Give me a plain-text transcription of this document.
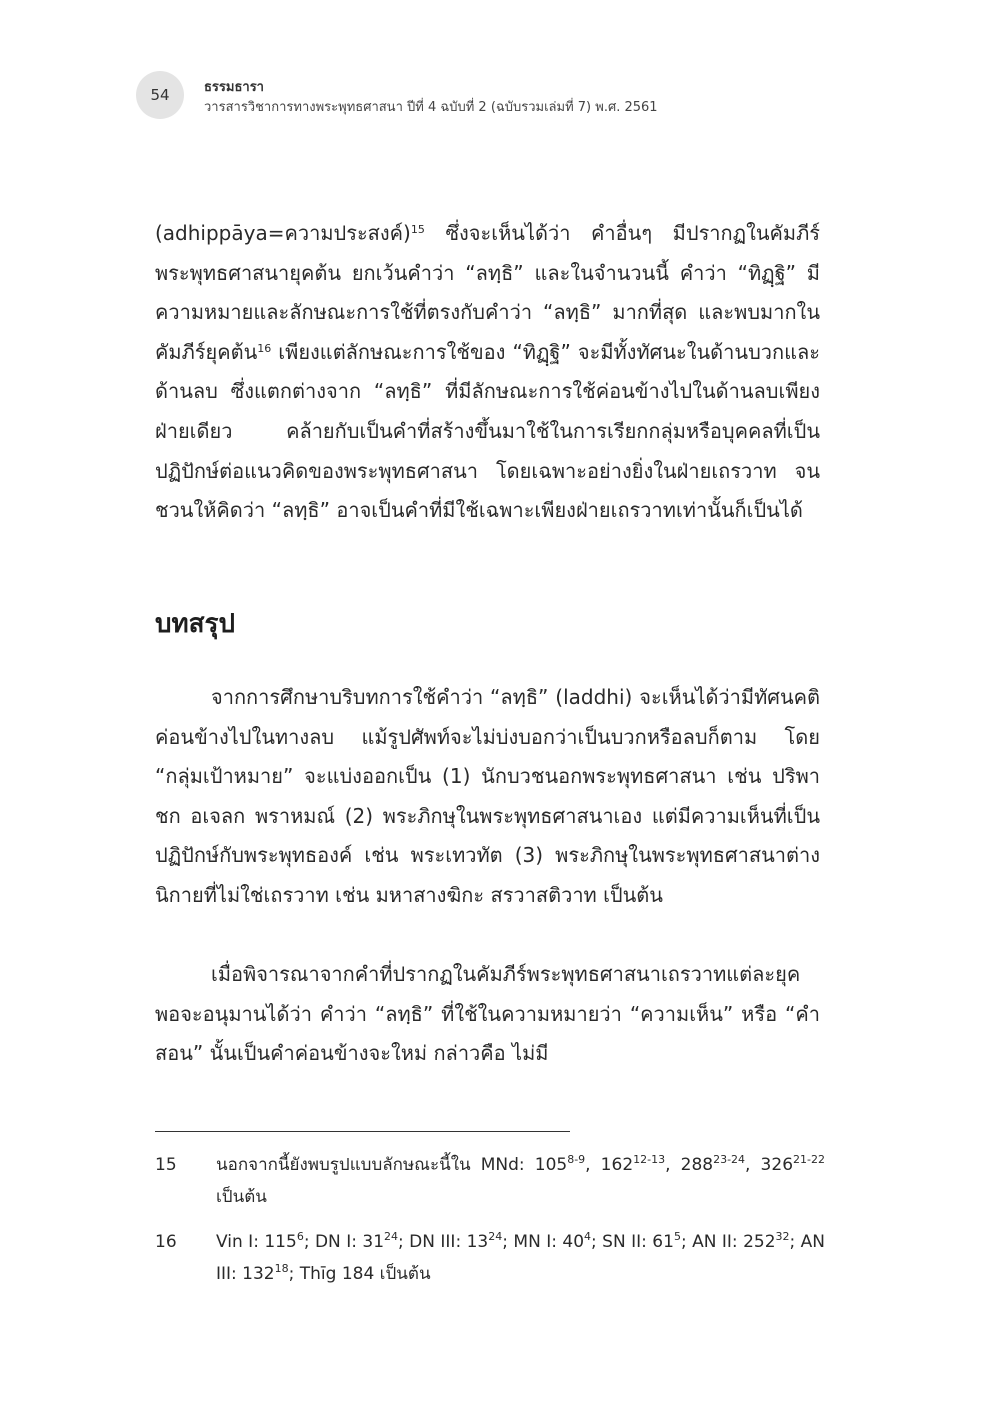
54	ธรรมธารา
วารสารวิชาการทางพระพุทธศาสนา ปีที่ 4 ฉบับที่ 2 (ฉบับรวมเล่มที่ 7) พ.ศ. 2561

(adhippāya=ความประสงค์)$^{15}$ ซึ่งจะเห็นได้ว่า คำอื่นๆ มีปรากฏในคัมภีร์พระพุทธศาสนายุคต้น ยกเว้นคำว่า “ลทฺธิ” และในจำนวนนี้ คำว่า “ทิฏฺฐิ” มีความหมายและลักษณะการใช้ที่ตรงกับคำว่า “ลทฺธิ” มากที่สุด และพบมากในคัมภีร์ยุคต้น$^{16}$ เพียงแต่ลักษณะการใช้ของ “ทิฏฺฐิ” จะมีทั้งทัศนะในด้านบวกและด้านลบ ซึ่งแตกต่างจาก “ลทฺธิ” ที่มีลักษณะการใช้ค่อนข้างไปในด้านลบเพียงฝ่ายเดียว คล้ายกับเป็นคำที่สร้างขึ้นมาใช้ในการเรียกกลุ่มหรือบุคคลที่เป็นปฏิปักษ์ต่อแนวคิดของพระพุทธศาสนา โดยเฉพาะอย่างยิ่งในฝ่ายเถรวาท จนชวนให้คิดว่า “ลทฺธิ” อาจเป็นคำที่มีใช้เฉพาะเพียงฝ่ายเถรวาทเท่านั้นก็เป็นได้

บทสรุป

จากการศึกษาบริบทการใช้คำว่า “ลทฺธิ” (laddhi) จะเห็นได้ว่ามีทัศนคติค่อนข้างไปในทางลบ แม้รูปศัพท์จะไม่บ่งบอกว่าเป็นบวกหรือลบก็ตาม โดย “กลุ่มเป้าหมาย” จะแบ่งออกเป็น (1) นักบวชนอกพระพุทธศาสนา เช่น ปริพาชก อเจลก พราหมณ์ (2) พระภิกษุในพระพุทธศาสนาเอง แต่มีความเห็นที่เป็นปฏิปักษ์กับพระพุทธองค์ เช่น พระเทวทัต (3) พระภิกษุในพระพุทธศาสนาต่างนิกายที่ไม่ใช่เถรวาท เช่น มหาสางฆิกะ สรวาสติวาท เป็นต้น

เมื่อพิจารณาจากคำที่ปรากฏในคัมภีร์พระพุทธศาสนาเถรวาทแต่ละยุค พอจะอนุมานได้ว่า คำว่า “ลทฺธิ” ที่ใช้ในความหมายว่า “ความเห็น” หรือ “คำสอน” นั้นเป็นคำค่อนข้างจะใหม่ กล่าวคือ ไม่มี

15 นอกจากนี้ยังพบรูปแบบลักษณะนี้ใน MNd: 105$^{8-9}$, 162$^{12-13}$, 288$^{23-24}$, 326$^{21-22}$ เป็นต้น
16 Vin I: $115^6$; DN I: $31^{24}$; DN III: $13^{24}$; MN I: $40^4$; SN II: $61^5$; AN II: $252^{32}$; AN III: $132^{18}$; Thīg 184 เป็นต้น
